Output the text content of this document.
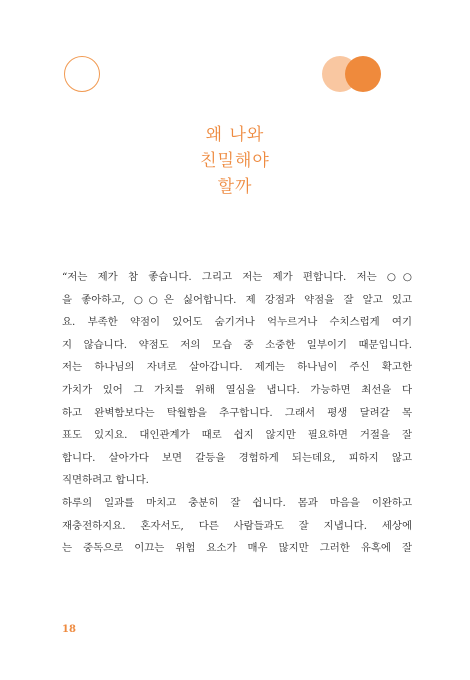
왜 나와
친밀해야
할까
“저는 제가 참 좋습니다. 그리고 저는 제가 편합니다. 저는 ○○
을 좋아하고, ○○은 싫어합니다. 제 강점과 약점을 잘 알고 있고
요. 부족한 약점이 있어도 숨기거나 억누르거나 수치스럽게 여기
지 않습니다. 약점도 저의 모습 중 소중한 일부이기 때문입니다.
저는 하나님의 자녀로 살아갑니다. 제게는 하나님이 주신 확고한
가치가 있어 그 가치를 위해 열심을 냅니다. 가능하면 최선을 다
하고 완벽함보다는 탁월함을 추구합니다. 그래서 평생 달려갈 목
표도 있지요. 대인관계가 때로 쉽지 않지만 필요하면 거절을 잘
합니다. 살아가다 보면 갈등을 경험하게 되는데요, 피하지 않고
직면하려고 합니다.
하루의 일과를 마치고 충분히 잘 쉽니다. 몸과 마음을 이완하고
재충전하지요. 혼자서도, 다른 사람들과도 잘 지냅니다. 세상에
는 중독으로 이끄는 위험 요소가 매우 많지만 그러한 유혹에 잘
18
